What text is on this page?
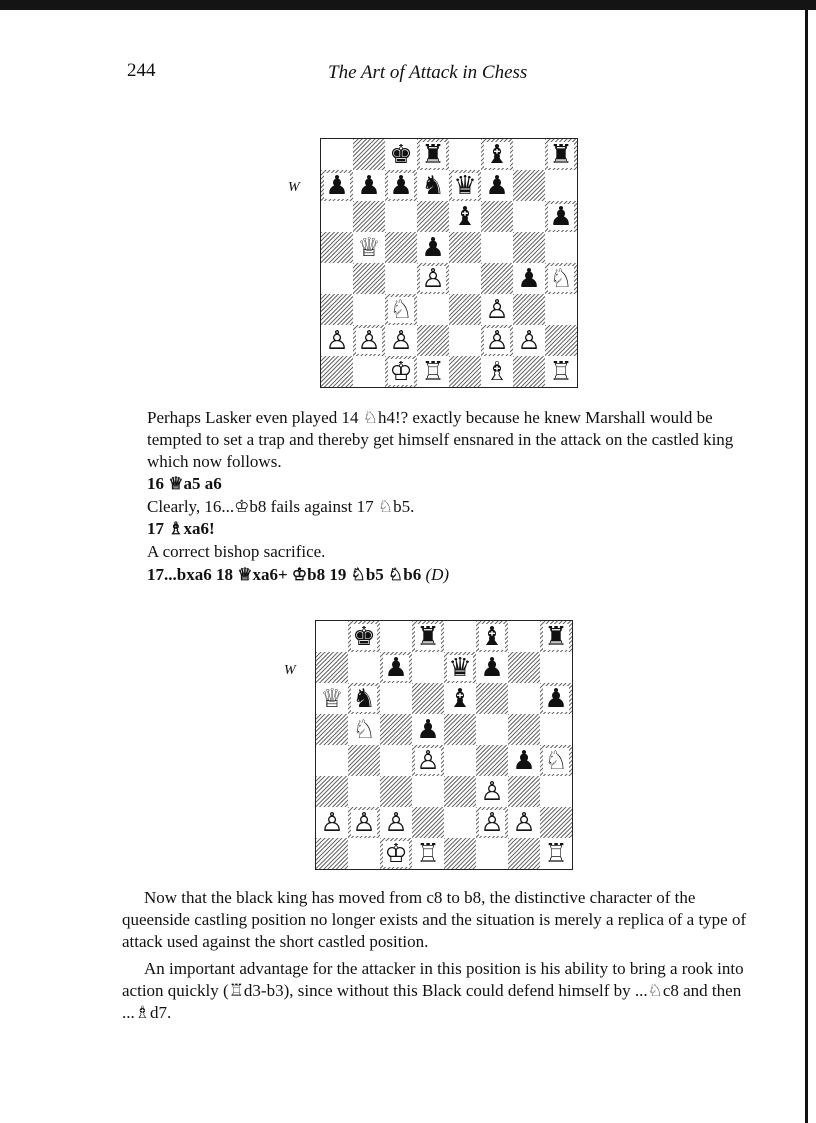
244	The Art of Attack in Chess
W
♚ ♜ ♝ ♜
♟ ♟ ♟ ♞ ♛ ♟
♝	♟
♕ ♟
♙	♟ ♘
♘	♙
♙ ♙ ♙	♙ ♙
♔ ♖ ♗ ♖

Perhaps Lasker even played 14 ♘h4!? exactly because he knew Marshall would be tempted to set a trap and thereby get himself ensnared in the attack on the castled king which now follows.

16 ♕a5 a6
Clearly, 16...♔b8 fails against 17 ♘b5.
17 ♗xa6!
A correct bishop sacrifice.
17...bxa6 18 ♕xa6+ ♔b8 19 ♘b5 ♘b6 (D)
W
♚ ♜ ♝ ♜
♟ ♛ ♟
♕ ♞	♝	♟
♘ ♟
♙	♟ ♘
♙
♙ ♙ ♙	♙ ♙
♔ ♖	♖

Now that the black king has moved from c8 to b8, the distinctive character of the queenside castling position no longer exists and the situation is merely a replica of a type of attack used against the short castled position.

An important advantage for the attacker in this position is his ability to bring a rook into action quickly (♖d3-b3), since without this Black could defend himself by ...♘c8 and then ...♗d7.
